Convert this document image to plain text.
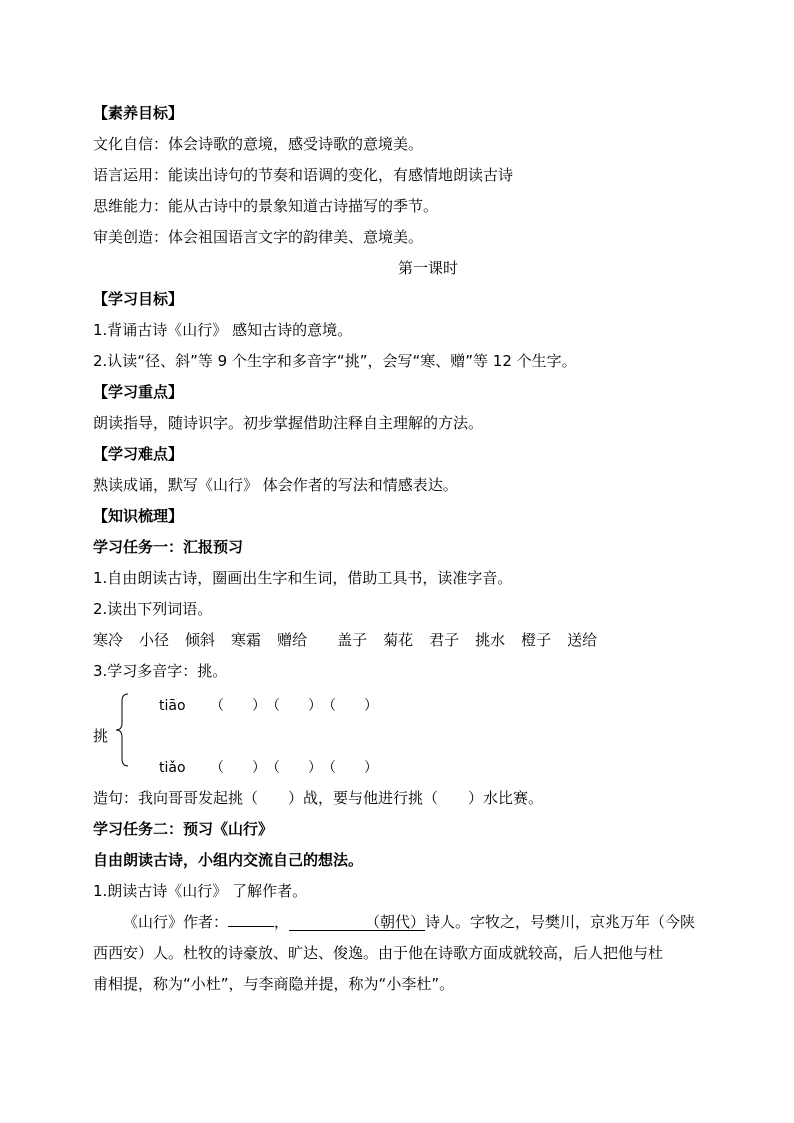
【素养目标】
文化自信：体会诗歌的意境，感受诗歌的意境美。
语言运用：能读出诗句的节奏和语调的变化，有感情地朗读古诗
思维能力：能从古诗中的景象知道古诗描写的季节。
审美创造：体会祖国语言文字的韵律美、意境美。
第一课时
【学习目标】
1.背诵古诗《山行》 感知古诗的意境。
2.认读“径、斜”等 9 个生字和多音字“挑”，会写“寒、赠”等 12 个生字。
【学习重点】
朗读指导，随诗识字。初步掌握借助注释自主理解的方法。
【学习难点】
熟读成诵，默写《山行》 体会作者的写法和情感表达。
【知识梳理】
学习任务一：汇报预习
1.自由朗读古诗，圈画出生字和生词，借助工具书，读准字音。
2.读出下列词语。
寒冷 小径 倾斜 寒霜 赠给 盖子 菊花 君子 挑水 橙子 送给
3.学习多音字：挑。
挑
tiāo （　　）（　　）（　　）
tiǎo （　　）（　　）（　　）
造句：我向哥哥发起挑（　　）战，要与他进行挑（　　）水比赛。
学习任务二：预习《山行》
自由朗读古诗，小组内交流自己的想法。
1.朗读古诗《山行》 了解作者。
《山行》作者：	，	（朝代）诗人。字牧之，号樊川，京兆万年（今陕
西西安）人。杜牧的诗豪放、旷达、俊逸。由于他在诗歌方面成就较高，后人把他与杜
甫相提，称为“小杜”，与李商隐并提，称为“小李杜”。
